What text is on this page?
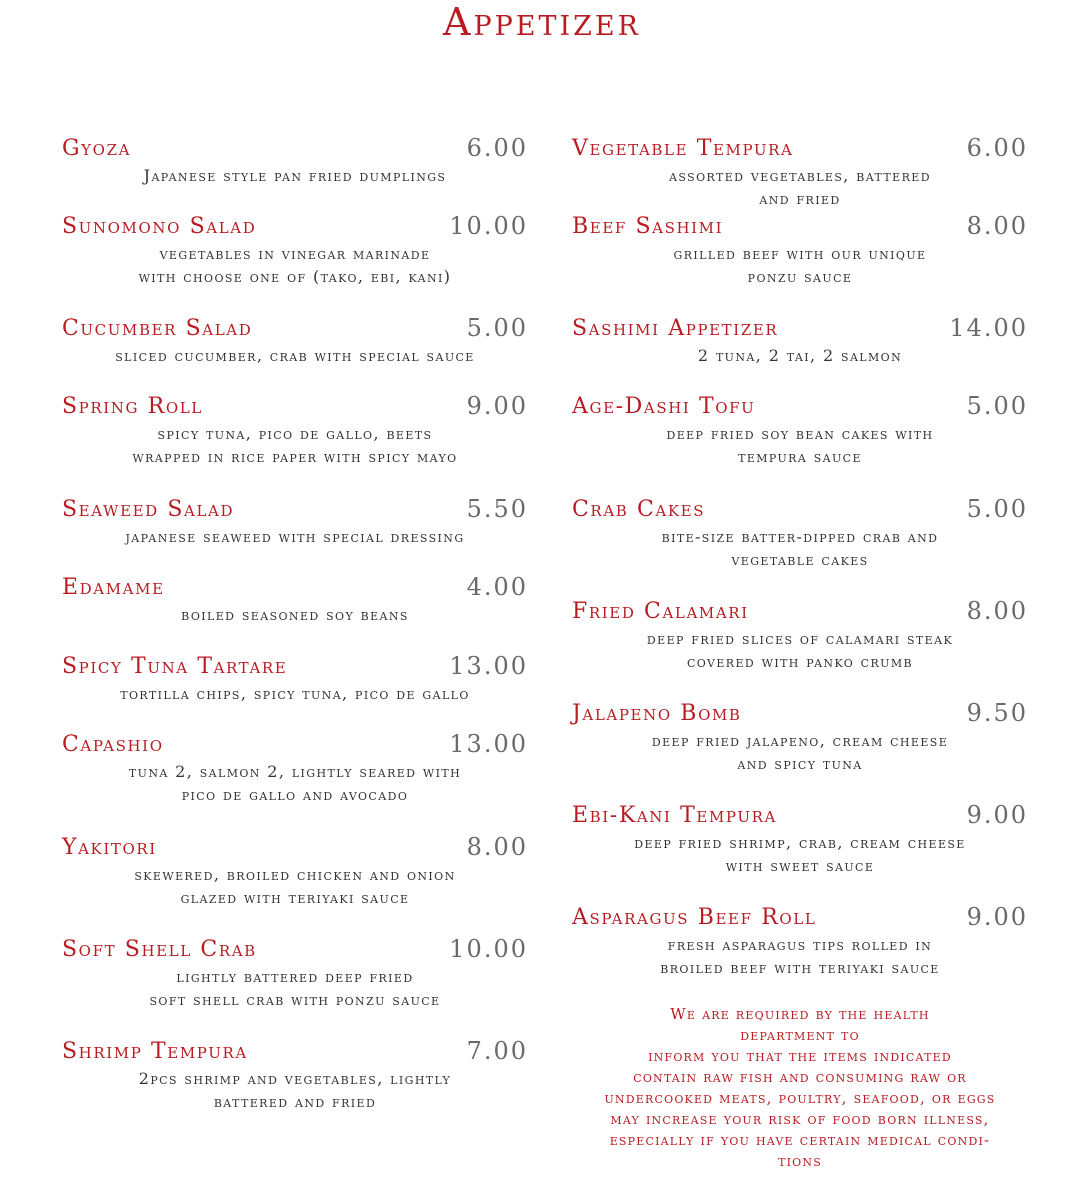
Appetizer
Gyoza	6.00
Japanese style pan fried dumplings
Sunomono Salad	10.00
vegetables in vinegar marinade
with choose one of (tako, ebi, kani)
Cucumber Salad	5.00
sliced cucumber, crab with special sauce
Spring Roll	9.00
spicy tuna, pico de gallo, beets
wrapped in rice paper with spicy mayo
Seaweed Salad	5.50
japanese seaweed with special dressing
Edamame	4.00
boiled seasoned soy beans
Spicy Tuna Tartare	13.00
tortilla chips, spicy tuna, pico de gallo
Capashio	13.00
tuna 2, salmon 2, lightly seared with
pico de gallo and avocado
Yakitori	8.00
skewered, broiled chicken and onion
glazed with teriyaki sauce
Soft Shell Crab	10.00
lightly battered deep fried
soft shell crab with ponzu sauce
Shrimp Tempura	7.00
2pcs shrimp and vegetables, lightly
battered and fried
Vegetable Tempura	6.00
assorted vegetables, battered
and fried
Beef Sashimi	8.00
grilled beef with our unique
ponzu sauce
Sashimi Appetizer	14.00
2 tuna, 2 tai, 2 salmon
Age-Dashi Tofu	5.00
deep fried soy bean cakes with
tempura sauce
Crab Cakes	5.00
bite-size batter-dipped crab and
vegetable cakes
Fried Calamari	8.00
deep fried slices of calamari steak
covered with panko crumb
Jalapeno Bomb	9.50
deep fried jalapeno, cream cheese
and spicy tuna
Ebi-Kani Tempura	9.00
deep fried shrimp, crab, cream cheese
with sweet sauce
Asparagus Beef Roll	9.00
fresh asparagus tips rolled in
broiled beef with teriyaki sauce
We are required by the health
department to
inform you that the items indicated
contain raw fish and consuming raw or
undercooked meats, poultry, seafood, or eggs
may increase your risk of food born illness,
especially if you have certain medical condi-
tions
